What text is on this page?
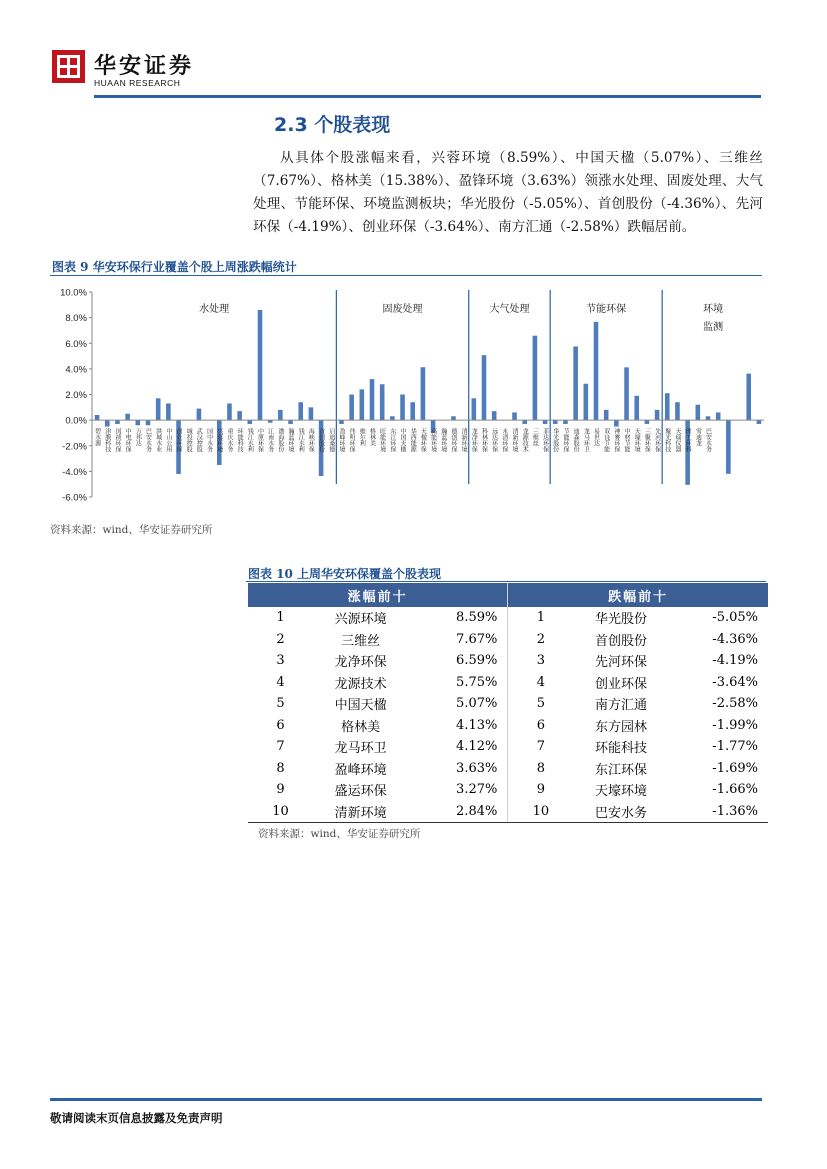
华安证券
HUAAN RESEARCH
2.3 个股表现

从具体个股涨幅来看，兴蓉环境（8.59%）、中国天楹（5.07%）、三维丝（7.67%）、格林美（15.38%）、盈锋环境（3.63%）领涨水处理、固废处理、大气处理、节能环保、环境监测板块；华光股份（-5.05%）、首创股份（-4.36%）、先河环保（-4.19%）、创业环保（-3.64%）、南方汇通（-2.58%）跌幅居前。

图表 9 华安环保行业覆盖个股上周涨跌幅统计
10.0%
8.0%
6.0%
4.0%
2.0%
0.0%
-2.0%
-4.0%
-6.0%
水处理	固废处理	大气处理	节能环保	环境
监测
碧水源 津膜科技 国祯环保 中电环保 万邦达 巴安水务 洪城水业 中山公用 创业环保 城投控股 武汉控股 国中水务 兴蓉环境 重庆水务 环能科技 钱江水利 中原环保 江南水务 渤海股份 瀚蓝环境 钱江水利 海峡环保 首创股份 启迪桑德 盈峰环境 伟明环保 维尔利 格林美 旺能环境 东江环保 中国天楹 华西能源 天楹环保 高能环境 瀚蓝环境 德创环保 清新环境 龙净环保 科林环保 远达环保 永清环保 清新环境 龙源技术 三维丝 菲达环保 华光股份 节能环保 迪森股份 龙马环卫 易世达 双良节能 神雾环保 中材节能 天壕环境 三聚环保 先河环保 聚光科技 天瑞仪器 理工环科 雪迪龙 巴安水务
资料来源：wind、华安证券研究所
图表 10 上周华安环保覆盖个股表现
涨幅前十			跌幅前十		
1	兴源环境	8.59%	1	华光股份	-5.05%
2	三维丝	7.67%	2	首创股份	-4.36%
3	龙净环保	6.59%	3	先河环保	-4.19%
4	龙源技术	5.75%	4	创业环保	-3.64%
5	中国天楹	5.07%	5	南方汇通	-2.58%
6	格林美	4.13%	6	东方园林	-1.99%
7	龙马环卫	4.12%	7	环能科技	-1.77%
8	盈峰环境	3.63%	8	东江环保	-1.69%
9	盛运环保	3.27%	9	天壕环境	-1.66%
10	清新环境	2.84%	10	巴安水务	-1.36%
资料来源：wind、华安证券研究所
敬请阅读末页信息披露及免责声明
